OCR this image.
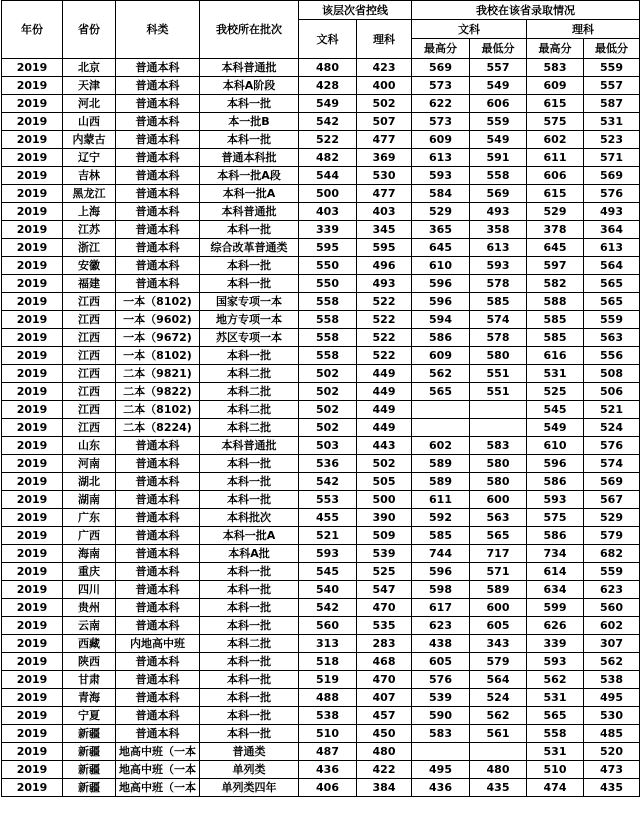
年份	省份	科类	我校所在批次	该层次省控线		我校在该省录取情况			
				文科	理科	文科		理科	
						最高分	最低分	最高分	最低分
2019	北京	普通本科	本科普通批	480	423	569	557	583	559
2019	天津	普通本科	本科A阶段	428	400	573	549	609	557
2019	河北	普通本科	本科一批	549	502	622	606	615	587
2019	山西	普通本科	本一批B	542	507	573	559	575	531
2019	内蒙古	普通本科	本科一批	522	477	609	549	602	523
2019	辽宁	普通本科	普通本科批	482	369	613	591	611	571
2019	吉林	普通本科	本科一批A段	544	530	593	558	606	569
2019	黑龙江	普通本科	本科一批A	500	477	584	569	615	576
2019	上海	普通本科	本科普通批	403	403	529	493	529	493
2019	江苏	普通本科	本科一批	339	345	365	358	378	364
2019	浙江	普通本科	综合改革普通类	595	595	645	613	645	613
2019	安徽	普通本科	本科一批	550	496	610	593	597	564
2019	福建	普通本科	本科一批	550	493	596	578	582	565
2019	江西	一本（8102)	国家专项一本	558	522	596	585	588	565
2019	江西	一本（9602)	地方专项一本	558	522	594	574	585	559
2019	江西	一本（9672)	苏区专项一本	558	522	586	578	585	563
2019	江西	一本（8102)	本科一批	558	522	609	580	616	556
2019	江西	二本（9821)	本科二批	502	449	562	551	531	508
2019	江西	二本（9822)	本科二批	502	449	565	551	525	506
2019	江西	二本（8102)	本科二批	502	449			545	521
2019	江西	二本（8224)	本科二批	502	449			549	524
2019	山东	普通本科	本科普通批	503	443	602	583	610	576
2019	河南	普通本科	本科一批	536	502	589	580	596	574
2019	湖北	普通本科	本科一批	542	505	589	580	586	569
2019	湖南	普通本科	本科一批	553	500	611	600	593	567
2019	广东	普通本科	本科批次	455	390	592	563	575	529
2019	广西	普通本科	本科一批A	521	509	585	565	586	579
2019	海南	普通本科	本科A批	593	539	744	717	734	682
2019	重庆	普通本科	本科一批	545	525	596	571	614	559
2019	四川	普通本科	本科一批	540	547	598	589	634	623
2019	贵州	普通本科	本科一批	542	470	617	600	599	560
2019	云南	普通本科	本科一批	560	535	623	605	626	602
2019	西藏	内地高中班	本科二批	313	283	438	343	339	307
2019	陕西	普通本科	本科一批	518	468	605	579	593	562
2019	甘肃	普通本科	本科一批	519	470	576	564	562	538
2019	青海	普通本科	本科一批	488	407	539	524	531	495
2019	宁夏	普通本科	本科一批	538	457	590	562	565	530
2019	新疆	普通本科	本科一批	510	450	583	561	558	485
2019	新疆	地高中班（一本	普通类	487	480			531	520
2019	新疆	地高中班（一本	单列类	436	422	495	480	510	473
2019	新疆	地高中班（一本	单列类四年	406	384	436	435	474	435
